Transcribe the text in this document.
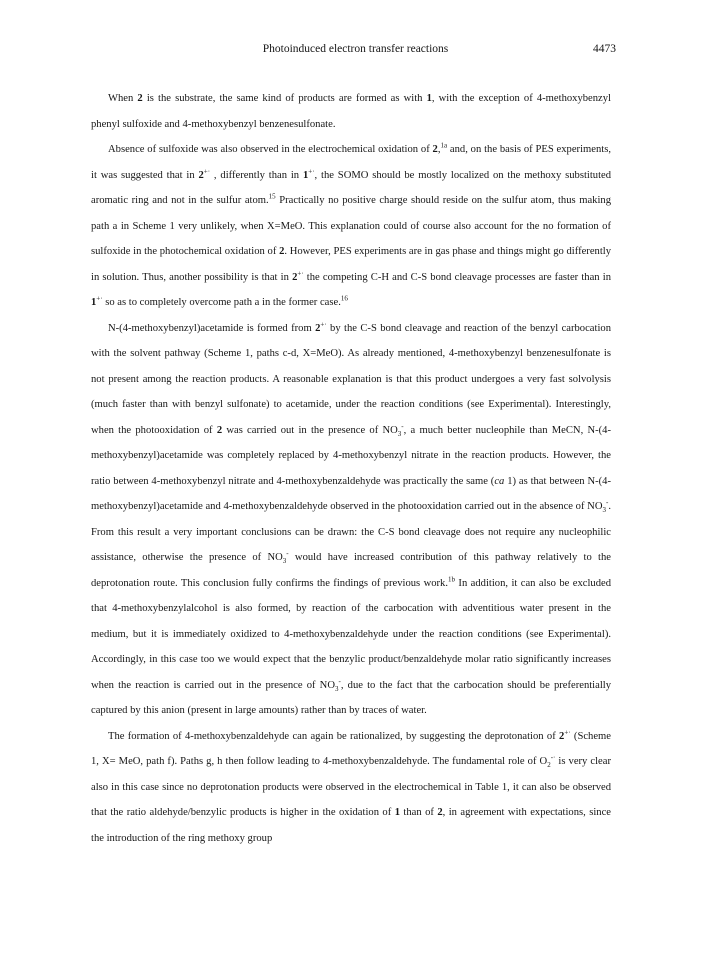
Photoinduced electron transfer reactions	4473

When 2 is the substrate, the same kind of products are formed as with 1, with the exception of 4-methoxybenzyl phenyl sulfoxide and 4-methoxybenzyl benzenesulfonate.

Absence of sulfoxide was also observed in the electrochemical oxidation of 2,$^{1a}$ and, on the basis of PES experiments, it was suggested that in 2+· , differently than in 1+·, the SOMO should be mostly localized on the methoxy substituted aromatic ring and not in the sulfur atom.$^{15}$ Practically no positive charge should reside on the sulfur atom, thus making path a in Scheme 1 very unlikely, when X=MeO. This explanation could of course also account for the no formation of sulfoxide in the photochemical oxidation of 2. However, PES experiments are in gas phase and things might go differently in solution. Thus, another possibility is that in 2+· the competing C-H and C-S bond cleavage processes are faster than in 1+· so as to completely overcome path a in the former case.$^{16}$

N-(4-methoxybenzyl)acetamide is formed from 2+· by the C-S bond cleavage and reaction of the benzyl carbocation with the solvent pathway (Scheme 1, paths c-d, X=MeO). As already mentioned, 4-methoxybenzyl benzenesulfonate is not present among the reaction products. A reasonable explanation is that this product undergoes a very fast solvolysis (much faster than with benzyl sulfonate) to acetamide, under the reaction conditions (see Experimental). Interestingly, when the photooxidation of 2 was carried out in the presence of $NO_3^-$, a much better nucleophile than MeCN, N-(4-methoxybenzyl)acetamide was completely replaced by 4-methoxybenzyl nitrate in the reaction products. However, the ratio between 4-methoxybenzyl nitrate and 4-methoxybenzaldehyde was practically the same (ca 1) as that between N-(4-methoxybenzyl)acetamide and 4-methoxybenzaldehyde observed in the photooxidation carried out in the absence of $NO_3^-$. From this result a very important conclusions can be drawn: the C-S bond cleavage does not require any nucleophilic assistance, otherwise the presence of $NO_3^-$ would have increased contribution of this pathway relatively to the deprotonation route. This conclusion fully confirms the findings of previous work.$^{1b}$ In addition, it can also be excluded that 4-methoxybenzylalcohol is also formed, by reaction of the carbocation with adventitious water present in the medium, but it is immediately oxidized to 4-methoxybenzaldehyde under the reaction conditions (see Experimental). Accordingly, in this case too we would expect that the benzylic product/benzaldehyde molar ratio significantly increases when the reaction is carried out in the presence of $NO_3^-$, due to the fact that the carbocation should be preferentially captured by this anion (present in large amounts) rather than by traces of water.

The formation of 4-methoxybenzaldehyde can again be rationalized, by suggesting the deprotonation of 2+· (Scheme 1, X= MeO, path f). Paths g, h then follow leading to 4-methoxybenzaldehyde. The fundamental role of $O_2^{-\cdot}$ is very clear also in this case since no deprotonation products were observed in the electrochemical in Table 1, it can also be observed that the ratio aldehyde/benzylic products is higher in the oxidation of 1 than of 2, in agreement with expectations, since the introduction of the ring methoxy group
